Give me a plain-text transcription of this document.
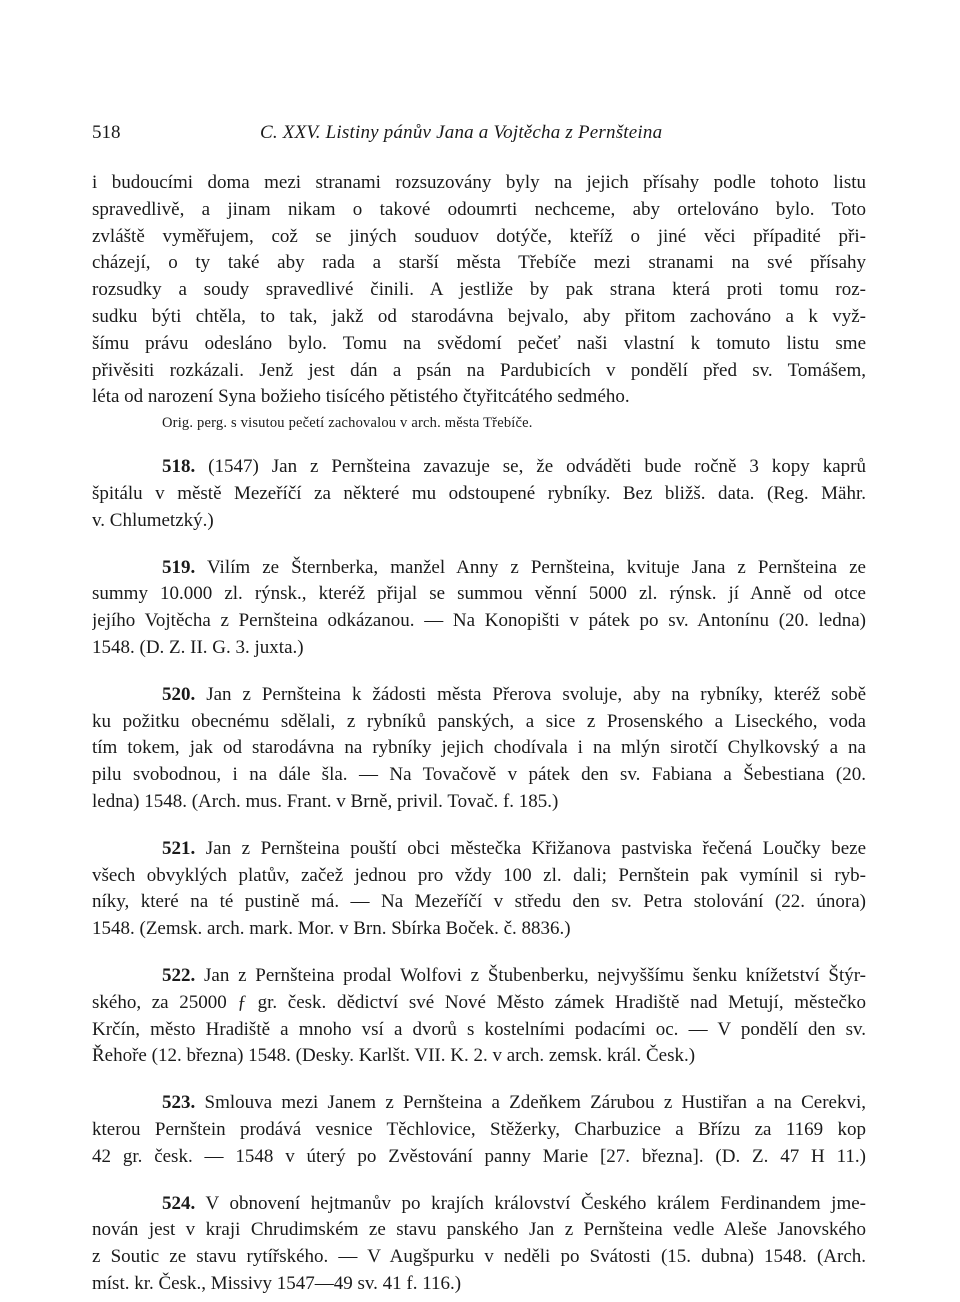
518	C. XXV. Listiny pánův Jana a Vojtěcha z Pernšteina
i budoucími doma mezi stranami rozsuzovány byly na jejich přísahy podle tohoto listu
spravedlivě, a jinam nikam o takové odoumrti nechceme, aby ortelováno bylo. Toto
zvláště vyměřujem, což se jiných souduov dotýče, kteříž o jiné věci případité při-
cházejí, o ty také aby rada a starší města Třebíče mezi stranami na své přísahy
rozsudky a soudy spravedlivé činili. A jestliže by pak strana která proti tomu roz-
sudku býti chtěla, to tak, jakž od starodávna bejvalo, aby přitom zachováno a k vyž-
šímu právu odesláno bylo. Tomu na svědomí pečeť naši vlastní k tomuto listu sme
přivěsiti rozkázali. Jenž jest dán a psán na Pardubicích v pondělí před sv. Tomášem,
léta od narození Syna božieho tisícého pětistého čtyřitcátého sedmého.
Orig. perg. s visutou pečetí zachovalou v arch. města Třebíče.
518. (1547) Jan z Pernšteina zavazuje se, že odváděti bude ročně 3 kopy kaprů
špitálu v městě Mezeříčí za některé mu odstoupené rybníky. Bez bližš. data. (Reg. Mähr.
v. Chlumetzký.)
519. Vilím ze Šternberka, manžel Anny z Pernšteina, kvituje Jana z Pernšteina ze
summy 10.000 zl. rýnsk., kteréž přijal se summou věnní 5000 zl. rýnsk. jí Anně od otce
jejího Vojtěcha z Pernšteina odkázanou. — Na Konopišti v pátek po sv. Antonínu (20. ledna)
1548. (D. Z. II. G. 3. juxta.)
520. Jan z Pernšteina k žádosti města Přerova svoluje, aby na rybníky, kteréž sobě
ku požitku obecnému sdělali, z rybníků panských, a sice z Prosenského a Liseckého, voda
tím tokem, jak od starodávna na rybníky jejich chodívala i na mlýn sirotčí Chylkovský a na
pilu svobodnou, i na dále šla. — Na Tovačově v pátek den sv. Fabiana a Šebestiana (20.
ledna) 1548. (Arch. mus. Frant. v Brně, privil. Tovač. f. 185.)
521. Jan z Pernšteina pouští obci městečka Křižanova pastviska řečená Loučky beze
všech obvyklých platův, začež jednou pro vždy 100 zl. dali; Pernštein pak vymínil si ryb-
níky, které na té pustině má. — Na Mezeříčí v středu den sv. Petra stolování (22. února)
1548. (Zemsk. arch. mark. Mor. v Brn. Sbírka Boček. č. 8836.)
522. Jan z Pernšteina prodal Wolfovi z Štubenberku, nejvyššímu šenku knížetství Štýr-
ského, za 25000 ƒ gr. česk. dědictví své Nové Město zámek Hradiště nad Metují, městečko
Krčín, město Hradiště a mnoho vsí a dvorů s kostelními podacími oc. — V pondělí den sv.
Řehoře (12. března) 1548. (Desky. Karlšt. VII. K. 2. v arch. zemsk. král. Česk.)
523. Smlouva mezi Janem z Pernšteina a Zdeňkem Zárubou z Hustiřan a na Cerekvi,
kterou Pernštein prodává vesnice Těchlovice, Stěžerky, Charbuzice a Břízu za 1169 kop
42 gr. česk. — 1548 v úterý po Zvěstování panny Marie [27. března]. (D. Z. 47 H 11.)
524. V obnovení hejtmanův po krajích království Českého králem Ferdinandem jme-
nován jest v kraji Chrudimském ze stavu panského Jan z Pernšteina vedle Aleše Janovského
z Soutic ze stavu rytířského. — V Augšpurku v neděli po Svátosti (15. dubna) 1548. (Arch.
míst. kr. Česk., Missivy 1547—49 sv. 41 f. 116.)
